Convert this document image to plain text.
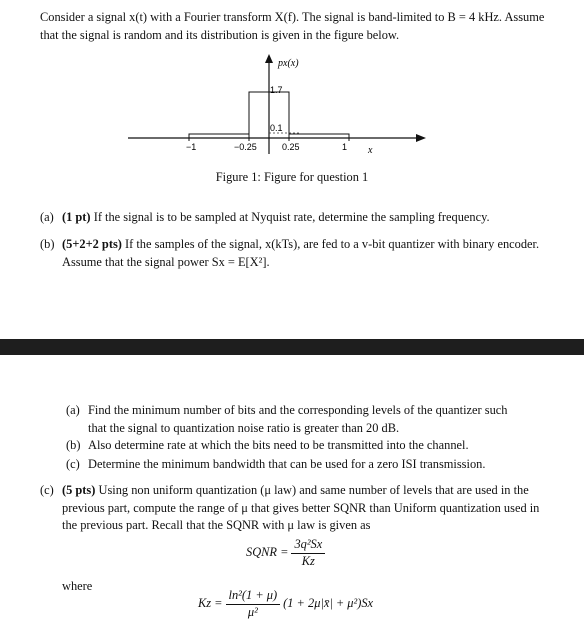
Consider a signal x(t) with a Fourier transform X(f). The signal is band-limited to B = 4 kHz. Assume that the signal is random and its distribution is given in the figure below.
px(x)
x
1.7
0.1
−1	−0.25	0.25	1
Figure 1: Figure for question 1
(a) (1 pt) If the signal is to be sampled at Nyquist rate, determine the sampling frequency.
(b) (5+2+2 pts) If the samples of the signal, x(kTs), are fed to a v-bit quantizer with binary encoder. Assume that the signal power Sx = E[X²].
(a) Find the minimum number of bits and the corresponding levels of the quantizer such that the signal to quantization noise ratio is greater than 20 dB.
(b) Also determine rate at which the bits need to be transmitted into the channel.
(c) Determine the minimum bandwidth that can be used for a zero ISI transmission.
(c) (5 pts) Using non uniform quantization (μ law) and same number of levels that are used in the previous part, compute the range of μ that gives better SQNR than Uniform quantization used in the previous part. Recall that the SQNR with μ law is given as
SQNR = $\frac{\text{3q²Sx}}{Kz}$
where
$Kz = \frac{\text{ln²(1 + μ)}}{\text{μ²}} (1$ + 2μ|x̄| + μ²)Sx
